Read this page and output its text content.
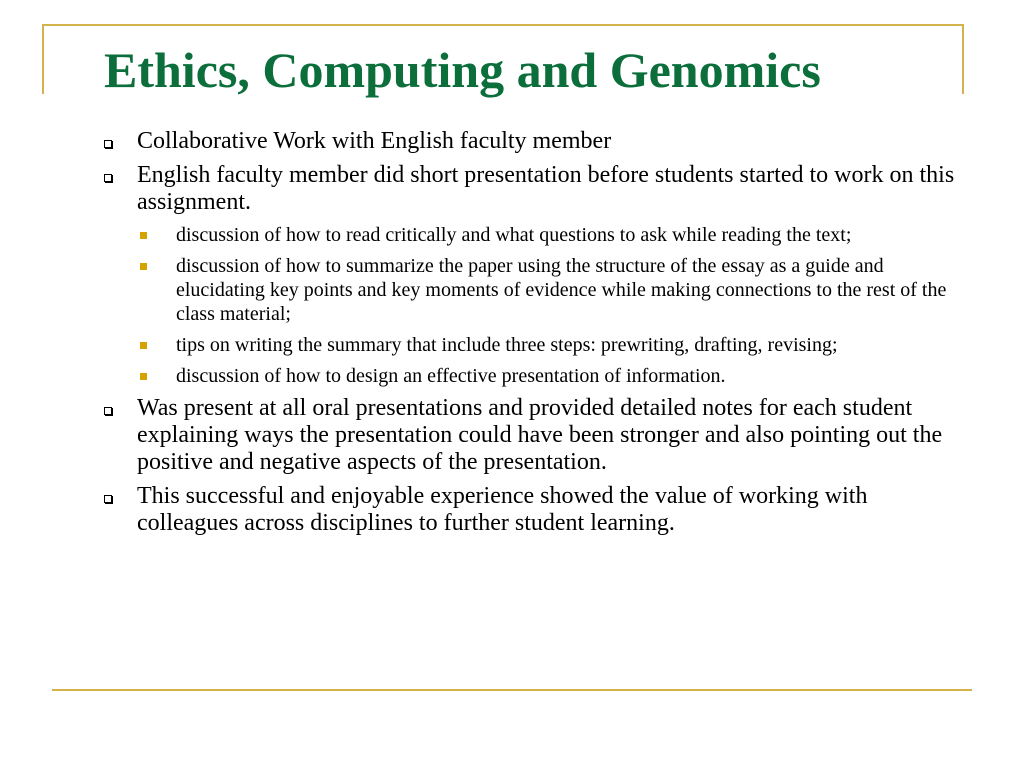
Ethics, Computing and Genomics
Collaborative Work with English faculty member
English faculty member did short presentation before students started to work on this assignment.
discussion of how to read critically and what questions to ask while reading the text;
discussion of how to summarize the paper using the structure of the essay as a guide and elucidating key points and key moments of evidence while making connections to the rest of the class material;
tips on writing the summary that include three steps: prewriting, drafting, revising;
discussion of how to design an effective presentation of information.
Was present at all oral presentations and provided detailed notes for each student explaining ways the presentation could have been stronger and also pointing out the positive and negative aspects of the presentation.
This successful and enjoyable experience showed the value of working with colleagues across disciplines to further student learning.
